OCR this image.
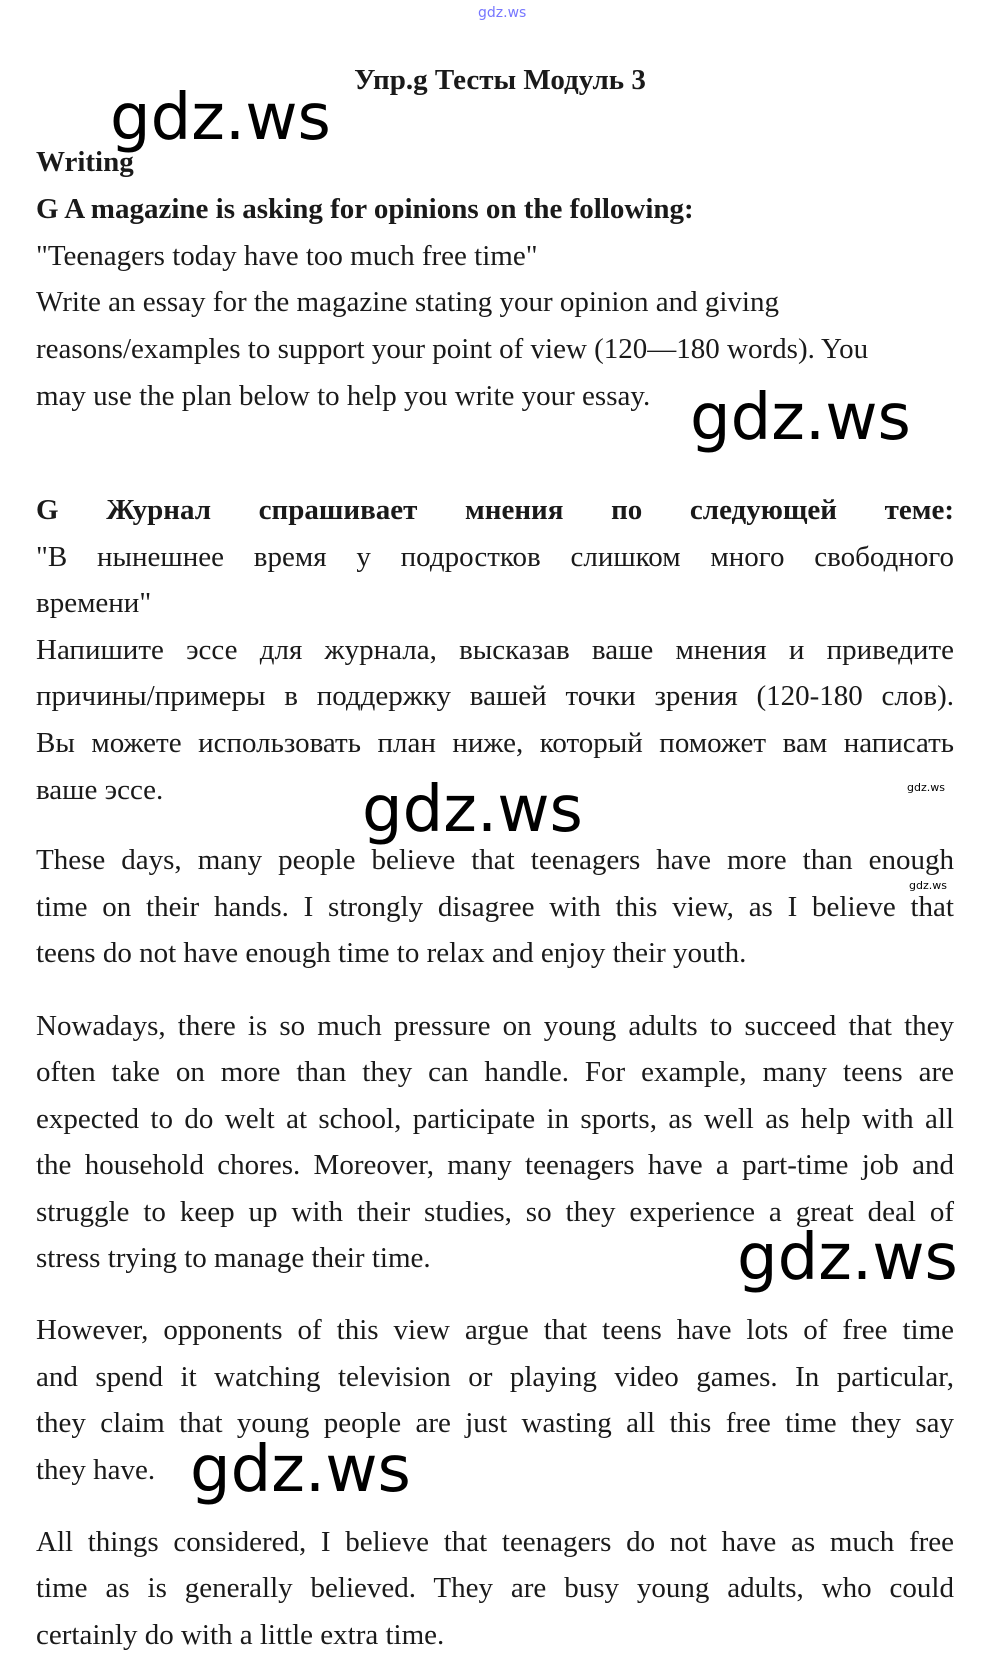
gdz.ws
gdz.ws
gdz.ws
gdz.ws	gdz.ws
gdz.ws
gdz.ws
gdz.ws
Упр.g Тесты Модуль 3
Writing
G A magazine is asking for opinions on the following:
"Teenagers today have too much free time"
Write an essay for the magazine stating your opinion and giving
reasons/examples to support your point of view (120—180 words). You
may use the plan below to help you write your essay.
G Журнал спрашивает мнения по следующей теме:
"В нынешнее время у подростков слишком много свободного
времени"
Напишите эссе для журнала, высказав ваше мнения и приведите
причины/примеры в поддержку вашей точки зрения (120-180 слов).
Вы можете использовать план ниже, который поможет вам написать
ваше эссе.
These days, many people believe that teenagers have more than enough
time on their hands. I strongly disagree with this view, as I believe that
teens do not have enough time to relax and enjoy their youth.
Nowadays, there is so much pressure on young adults to succeed that they
often take on more than they can handle. For example, many teens are
expected to do welt at school, participate in sports, as well as help with all
the household chores. Moreover, many teenagers have a part-time job and
struggle to keep up with their studies, so they experience a great deal of
stress trying to manage their time.
However, opponents of this view argue that teens have lots of free time
and spend it watching television or playing video games. In particular,
they claim that young people are just wasting all this free time they say
they have.
All things considered, I believe that teenagers do not have as much free
time as is generally believed. They are busy young adults, who could
certainly do with a little extra time.
